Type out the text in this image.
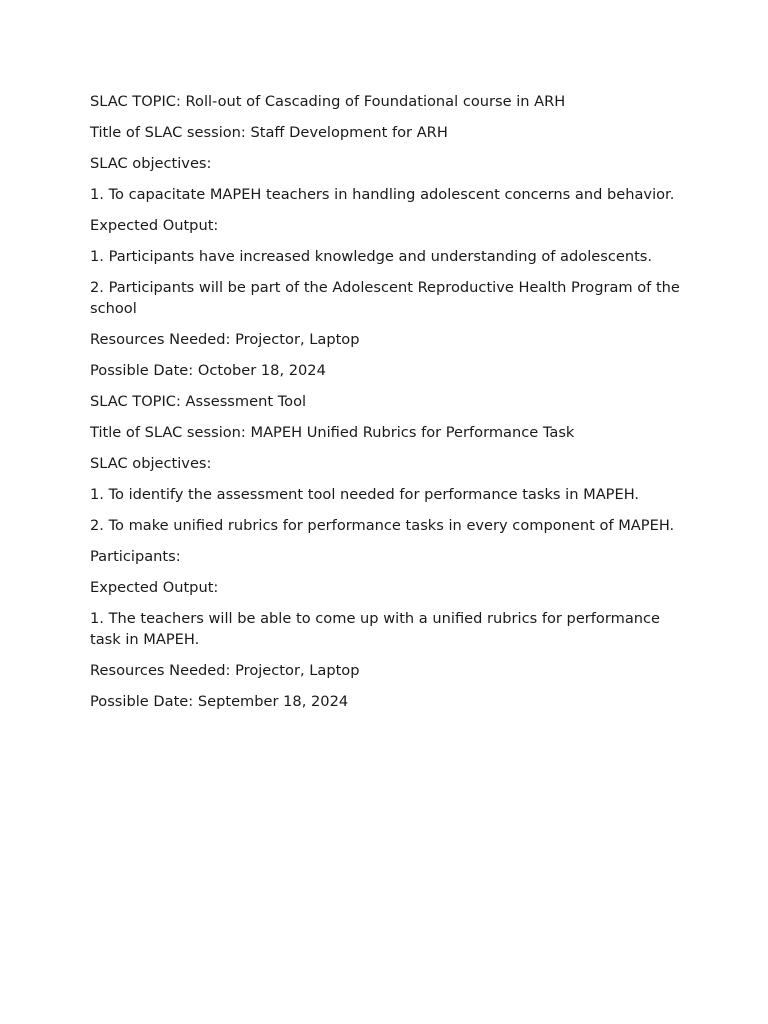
SLAC TOPIC: Roll-out of Cascading of Foundational course in ARH

Title of SLAC session: Staff Development for ARH

SLAC objectives:

1. To capacitate MAPEH teachers in handling adolescent concerns and behavior.

Expected Output:

1. Participants have increased knowledge and understanding of adolescents.

2. Participants will be part of the Adolescent Reproductive Health Program of the school

Resources Needed: Projector, Laptop

Possible Date: October 18, 2024

SLAC TOPIC: Assessment Tool

Title of SLAC session: MAPEH Unified Rubrics for Performance Task

SLAC objectives:

1. To identify the assessment tool needed for performance tasks in MAPEH.

2. To make unified rubrics for performance tasks in every component of MAPEH.

Participants:

Expected Output:

1. The teachers will be able to come up with a unified rubrics for performance task in MAPEH.

Resources Needed: Projector, Laptop

Possible Date: September 18, 2024
